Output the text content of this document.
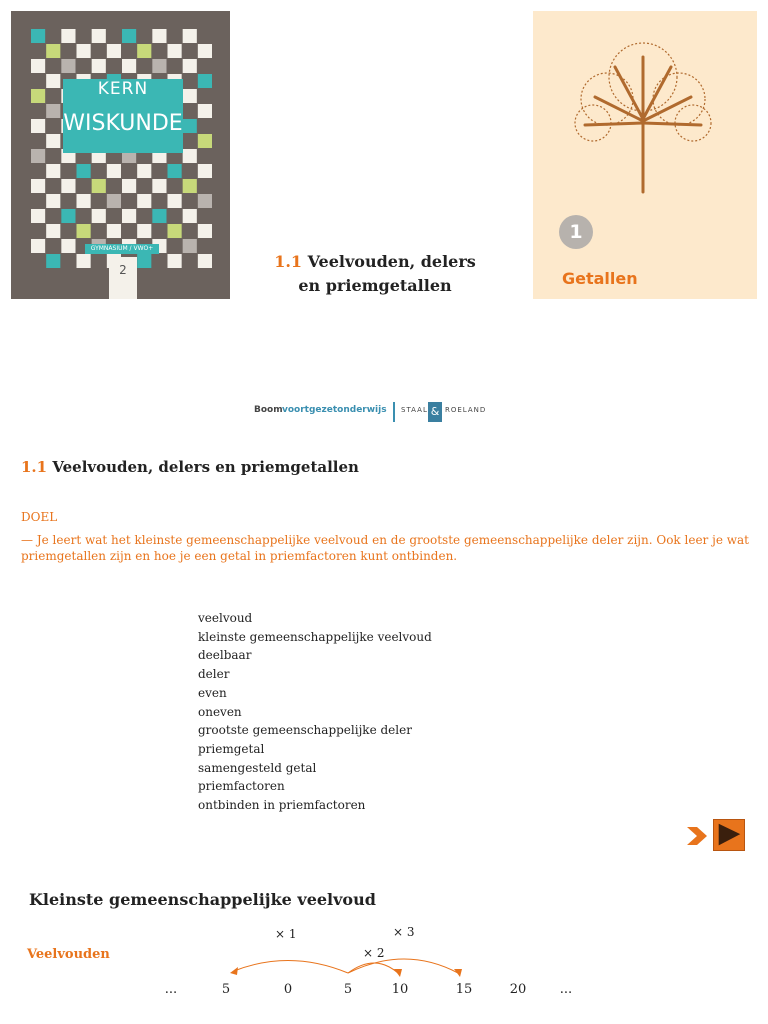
KERN
WISKUNDE
GYMNASIUM / VWO+
2	1.1 Veelvouden, delers
en priemgetallen
1
Getallen
Boom voortgezetonderwijs STAAL & ROELAND
1.1 Veelvouden, delers en priemgetallen
DOEL
— Je leert wat het kleinste gemeenschappelijke veelvoud en de grootste gemeenschappelijke deler zijn. Ook leer je wat priemgetallen zijn en hoe je een getal in priemfactoren kunt ontbinden.
veelvoud
kleinste gemeenschappelijke veelvoud
deelbaar
deler
even
oneven
grootste gemeenschappelijke deler
priemgetal
samengesteld getal
priemfactoren
ontbinden in priemfactoren
Kleinste gemeenschappelijke veelvoud
Veelvouden
× 1	× 3
× 2
...	5	0	5	10	15	20	...
